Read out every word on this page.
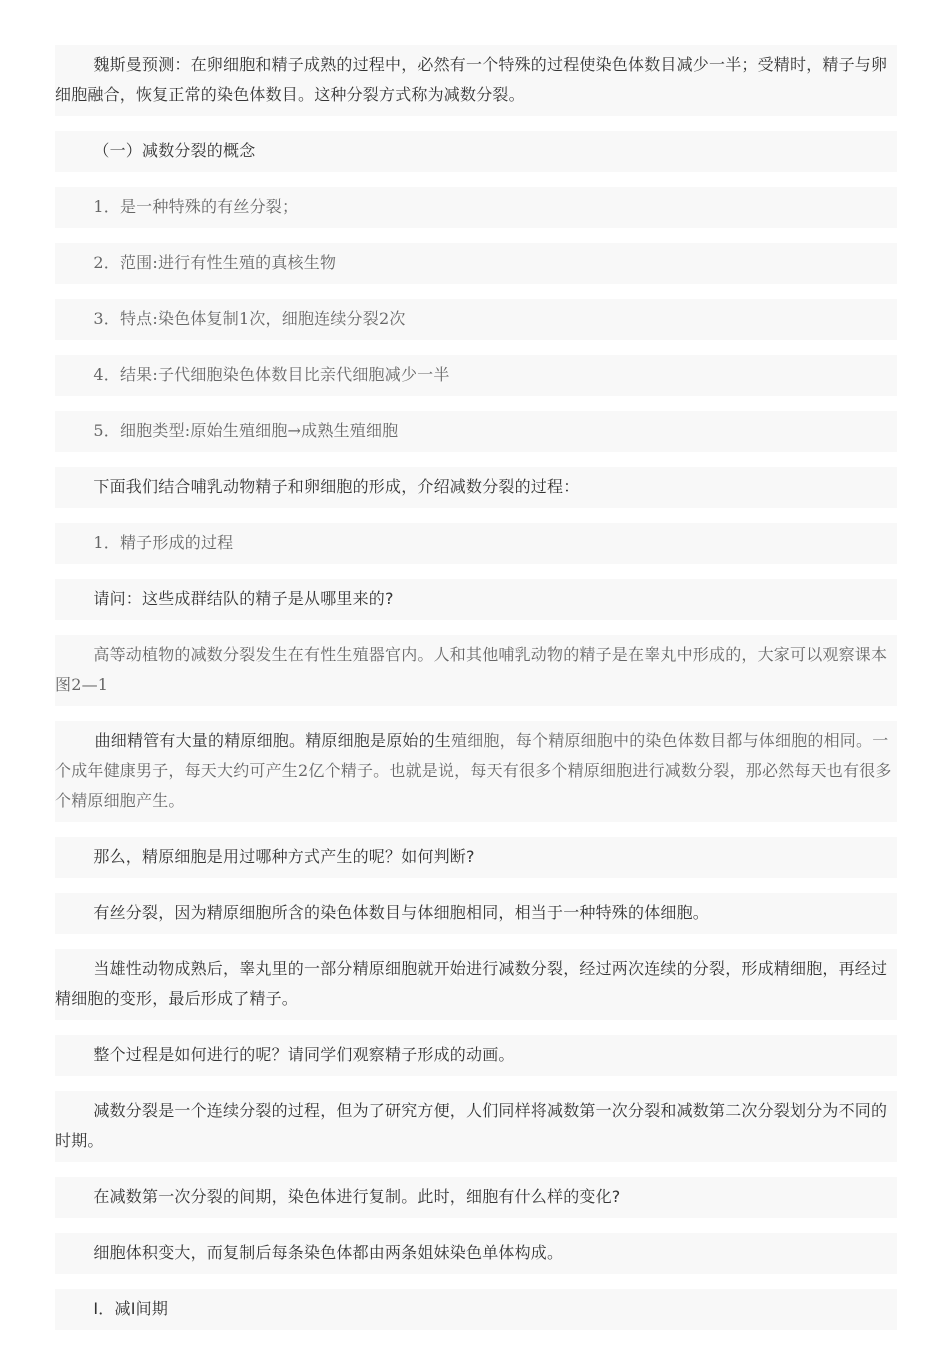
魏斯曼预测：在卵细胞和精子成熟的过程中，必然有一个特殊的过程使染色体数目减少一半；受精时，精子与卵细胞融合，恢复正常的染色体数目。这种分裂方式称为减数分裂。

（一）减数分裂的概念

1．是一种特殊的有丝分裂；

2．范围:进行有性生殖的真核生物

3．特点:染色体复制1次，细胞连续分裂2次

4．结果:子代细胞染色体数目比亲代细胞减少一半

5．细胞类型:原始生殖细胞→成熟生殖细胞

下面我们结合哺乳动物精子和卵细胞的形成，介绍减数分裂的过程：

1．精子形成的过程

请问：这些成群结队的精子是从哪里来的?

高等动植物的减数分裂发生在有性生殖器官内。人和其他哺乳动物的精子是在睾丸中形成的，大家可以观察课本图2—1

曲细精管有大量的精原细胞。精原细胞是原始的生殖细胞，每个精原细胞中的染色体数目都与体细胞的相同。一个成年健康男子，每天大约可产生2亿个精子。也就是说，每天有很多个精原细胞进行减数分裂，那必然每天也有很多个精原细胞产生。

那么，精原细胞是用过哪种方式产生的呢？如何判断?

有丝分裂，因为精原细胞所含的染色体数目与体细胞相同，相当于一种特殊的体细胞。

当雄性动物成熟后，睾丸里的一部分精原细胞就开始进行减数分裂，经过两次连续的分裂，形成精细胞，再经过精细胞的变形，最后形成了精子。

整个过程是如何进行的呢？请同学们观察精子形成的动画。

减数分裂是一个连续分裂的过程，但为了研究方便，人们同样将减数第一次分裂和减数第二次分裂划分为不同的时期。

在减数第一次分裂的间期，染色体进行复制。此时，细胞有什么样的变化?

细胞体积变大，而复制后每条染色体都由两条姐妹染色单体构成。

Ⅰ．减Ⅰ间期
